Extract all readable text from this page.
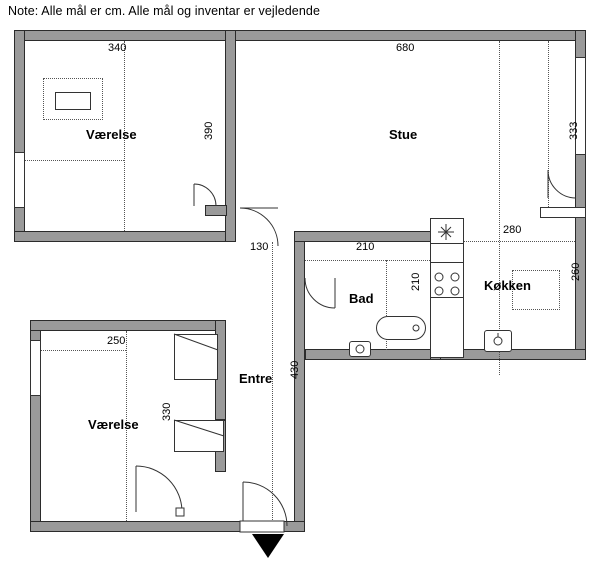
Note: Alle mål er cm. Alle mål og inventar er vejledende
Værelse	Stue
Køkken
Bad
Entre
Værelse
340	680
390	333
130	210
280
260
210
250
430
330
